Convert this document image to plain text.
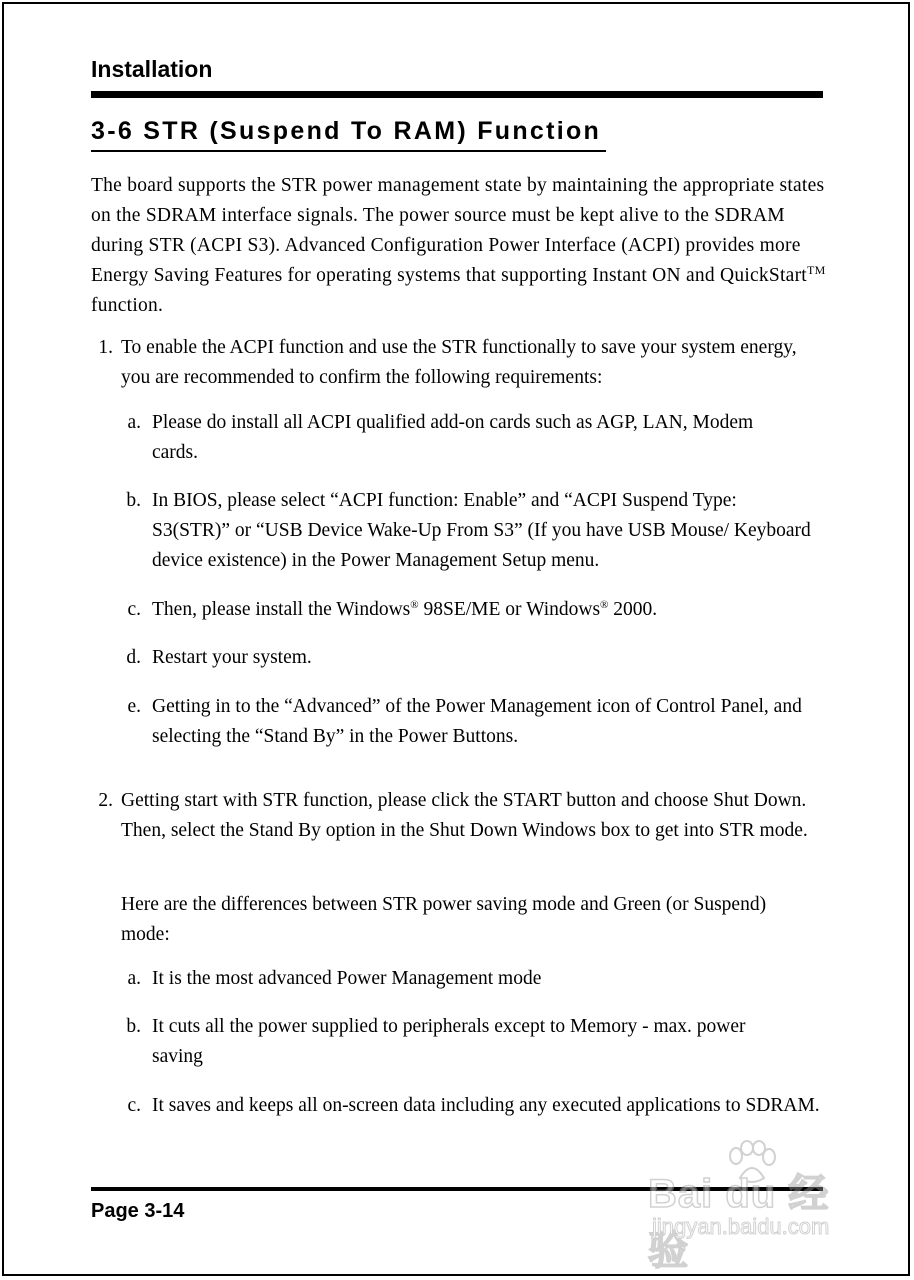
Installation
3-6 STR (Suspend To RAM) Function

The board supports the STR power management state by maintaining the appropriate states on the SDRAM interface signals. The power source must be kept alive to the SDRAM during STR (ACPI S3). Advanced Configuration Power Interface (ACPI) provides more Energy Saving Features for operating systems that supporting Instant ON and QuickStart™ function.

1. To enable the ACPI function and use the STR functionally to save your system energy, you are recommended to confirm the following requirements:
a. Please do install all ACPI qualified add-on cards such as AGP, LAN, Modem cards.
b. In BIOS, please select “ACPI function: Enable” and “ACPI Suspend Type: S3(STR)” or “USB Device Wake-Up From S3” (If you have USB Mouse/ Keyboard device existence) in the Power Management Setup menu.
c. Then, please install the Windows® 98SE/ME or Windows® 2000.
d. Restart your system.
e. Getting in to the “Advanced” of the Power Management icon of Control Panel, and selecting the “Stand By” in the Power Buttons.
2. Getting start with STR function, please click the START button and choose Shut Down. Then, select the Stand By option in the Shut Down Windows box to get into STR mode.
Here are the differences between STR power saving mode and Green (or Suspend) mode:
a. It is the most advanced Power Management mode
b. It cuts all the power supplied to peripherals except to Memory - max. power saving
c. It saves and keeps all on-screen data including any executed applications to SDRAM.
Page 3-14	Bai du 经验
jingyan.baidu.com
